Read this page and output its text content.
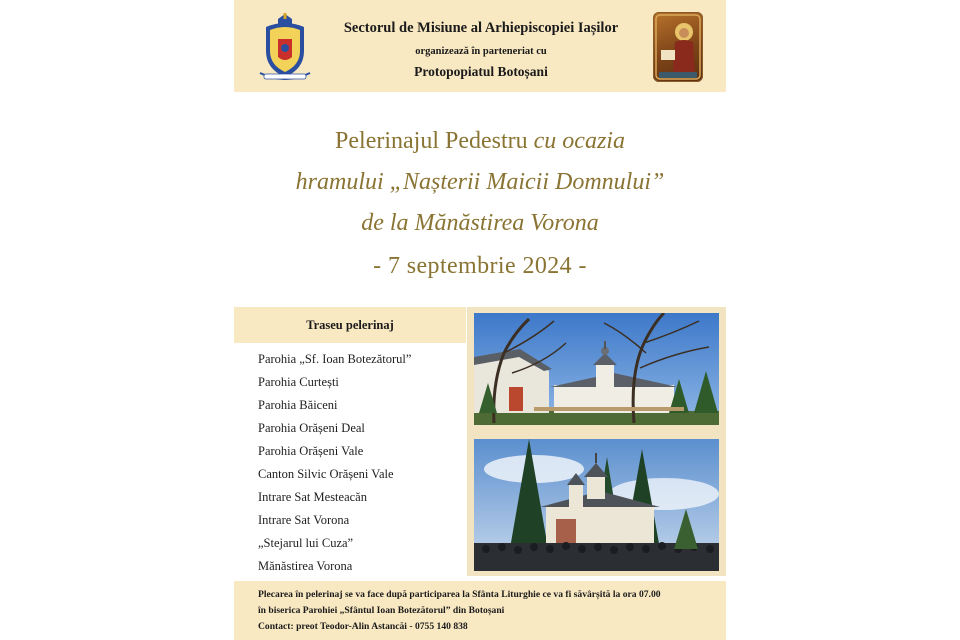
Sectorul de Misiune al Arhiepiscopiei Iașilor
organizează în parteneriat cu
Protopopiatul Botoșani
Pelerinajul Pedestru cu ocazia
hramului „Nașterii Maicii Domnului”
de la Mănăstirea Vorona
- 7 septembrie 2024 -
Traseu pelerinaj
Parohia „Sf. Ioan Botezătorul”
Parohia Curtești
Parohia Băiceni
Parohia Orășeni Deal
Parohia Orășeni Vale
Canton Silvic Orășeni Vale
Intrare Sat Mesteacăn
Intrare Sat Vorona
„Stejarul lui Cuza”
Mănăstirea Vorona
Plecarea în pelerinaj se va face după participarea la Sfânta Liturghie ce va fi săvârșită la ora 07.00
în biserica Parohiei „Sfântul Ioan Botezătorul” din Botoșani
Contact: preot Teodor-Alin Astancăi - 0755 140 838
